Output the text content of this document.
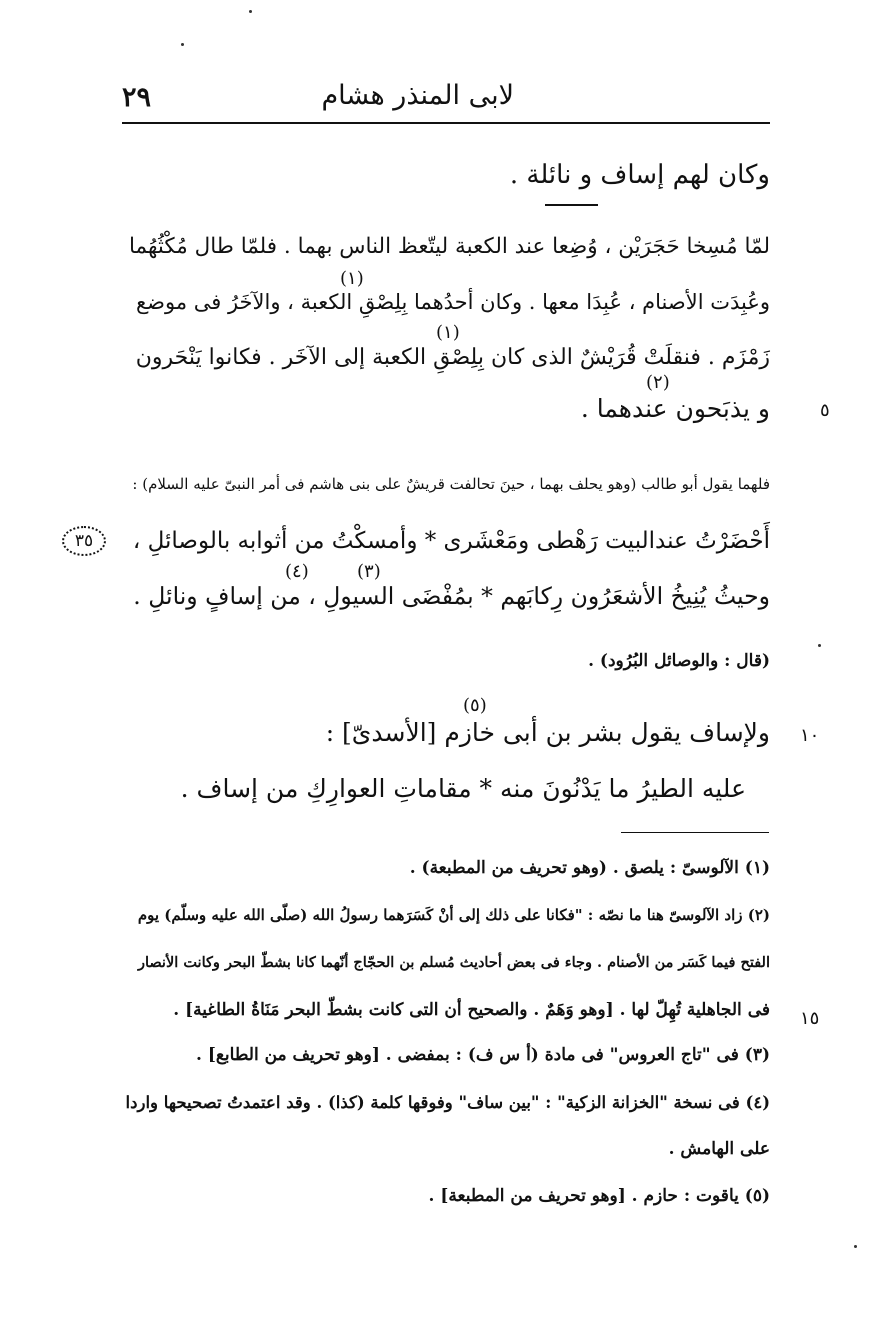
٢٩	لابى المنذر هشام
وكان لهم إساف و نائلة .
لمّا مُسِخا حَجَرَيْن ، وُضِعا عند الكعبة ليتّعظ الناس بهما . فلمّا طال مُكْثُهُما
(١)
وعُبِدَت الأصنام ، عُبِدَا معها . وكان أحدُهما بِلِصْقِ الكعبة ، والآخَرُ فى موضع
(١)
زَمْزَم . فنقلَتْ قُرَيْشٌ الذى كان بِلِصْقِ الكعبة إلى الآخَر . فكانوا يَنْحَرون
(٢)
و يذبَحون عندهما .	٥
فلهما يقول أبو طالب (وهو يحلف بهما ، حينَ تحالفت قريشٌ على بنى هاشم فى أمر النبىّ عليه السلام) :
٣٥	أَحْضَرْتُ عندالبيت رَهْطى ومَعْشَرى * وأمسكْتُ من أثوابه بالوصائلِ ،
(٣)
(٤)
وحيثُ يُنِيخُ الأشعَرُون رِكابَهم * بمُفْضَى السيولِ ، من إسافٍ ونائلِ .
(قال : والوصائل البُرُود) .
(٥)
ولإساف يقول بشر بن أبى خازم [الأسدىّ] : ١٠
عليه الطيرُ ما يَدْنُونَ منه * مقاماتِ العوارِكِ من إساف .
(١) الآلوسىّ : يلصق . (وهو تحريف من المطبعة) .
(٢) زاد الآلوسىّ هنا ما نصّه : "فكانا على ذلك إلى أنْ كَسَرَهما رسولُ الله (صلّى الله عليه وسلّم) يوم
الفتح فيما كَسَر من الأصنام . وجاء فى بعض أحاديث مُسلم بن الحجّاج أنّهما كانا بشطّ البحر وكانت الأنصار
فى الجاهلية تُهِلّ لها . [وهو وَهَمٌ . والصحيح أن التى كانت بشطّ البحر مَنَاةُ الطاغية] . ١٥
(٣) فى "تاج العروس" فى مادة (أ س ف) : بمفضى . [وهو تحريف من الطابع] .
(٤) فى نسخة "الخزانة الزكية" : "بين ساف" وفوقها كلمة (كذا) . وقد اعتمدتُ تصحيحها واردا
على الهامش .
(٥) ياقوت : حازم . [وهو تحريف من المطبعة] .
